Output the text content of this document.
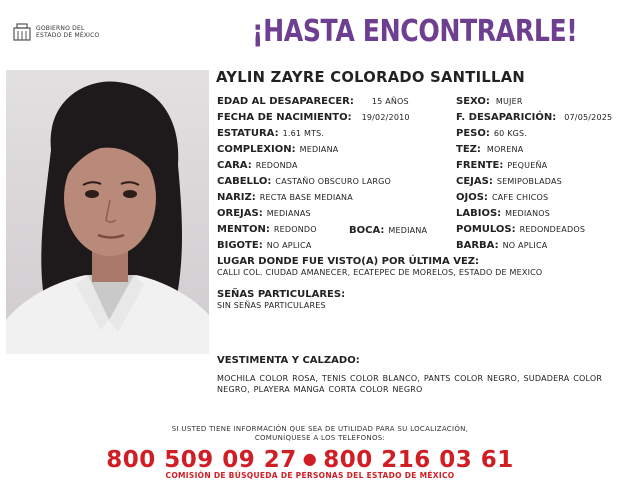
GOBIERNO DEL
ESTADO DE MÉXICO	¡HASTA ENCONTRARLE!
AYLIN ZAYRE COLORADO SANTILLAN
EDAD AL DESAPARECER: 15 AÑOS
FECHA DE NACIMIENTO: 19/02/2010
ESTATURA: 1.61 MTS.
COMPLEXION: MEDIANA
CARA: REDONDA
CABELLO: CASTAÑO OBSCURO LARGO
NARIZ: RECTA BASE MEDIANA
OREJAS: MEDIANAS
MENTON: REDONDO	BOCA: MEDIANA
BIGOTE: NO APLICA
SEXO: MUJER
F. DESAPARICIÓN: 07/05/2025
PESO: 60 KGS.
TEZ: MORENA
FRENTE: PEQUEÑA
CEJAS: SEMIPOBLADAS
OJOS: CAFE CHICOS
LABIOS: MEDIANOS
POMULOS: REDONDEADOS
BARBA: NO APLICA
LUGAR DONDE FUE VISTO(A) POR ÚLTIMA VEZ:
CALLI COL. CIUDAD AMANECER, ECATEPEC DE MORELOS, ESTADO DE MEXICO
SEÑAS PARTICULARES:
SIN SEÑAS PARTICULARES
VESTIMENTA Y CALZADO:
MOCHILA COLOR ROSA, TENIS COLOR BLANCO, PANTS COLOR NEGRO, SUDADERA COLOR NEGRO, PLAYERA MANGA CORTA COLOR NEGRO
SI USTED TIENE INFORMACIÓN QUE SEA DE UTILIDAD PARA SU LOCALIZACIÓN,
COMUNÍQUESE A LOS TELÉFONOS:
800 509 09 27 ● 800 216 03 61
COMISIÓN DE BÚSQUEDA DE PERSONAS DEL ESTADO DE MÉXICO
